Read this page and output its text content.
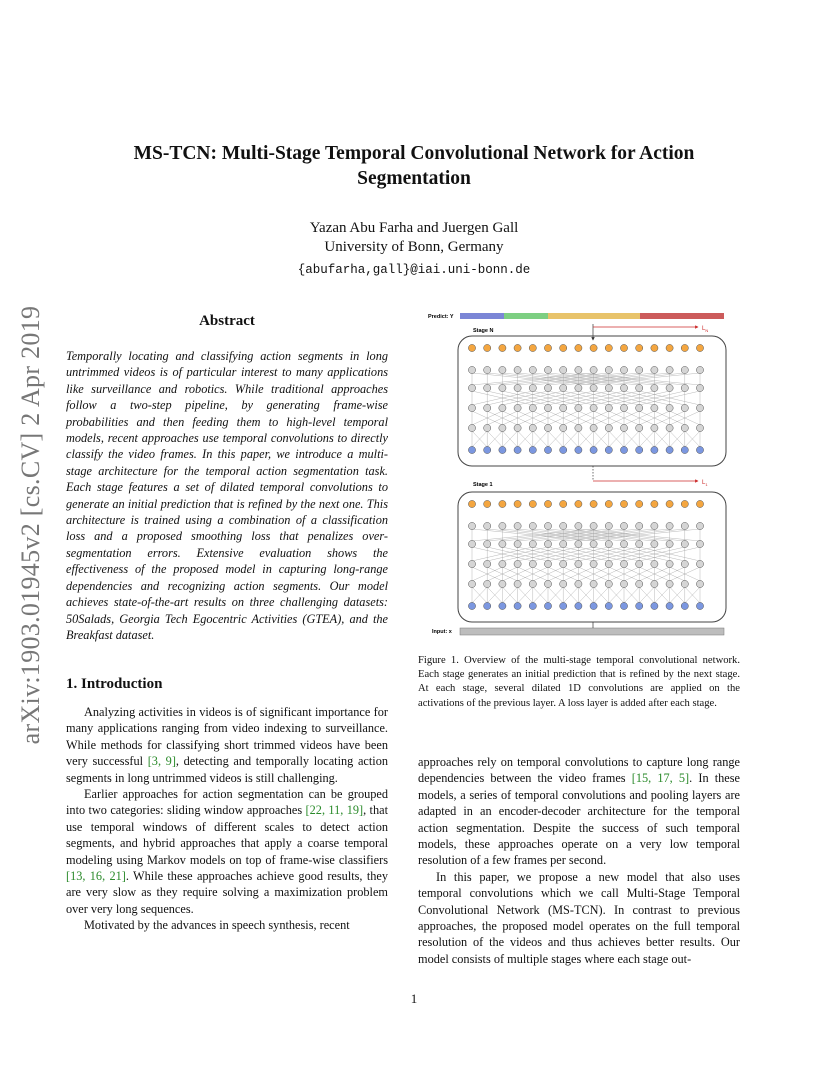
arXiv:1903.01945v2 [cs.CV] 2 Apr 2019
MS-TCN: Multi-Stage Temporal Convolutional Network for Action Segmentation
Yazan Abu Farha and Juergen Gall
University of Bonn, Germany
{abufarha,gall}@iai.uni-bonn.de
Abstract
Temporally locating and classifying action segments in long untrimmed videos is of particular interest to many applications like surveillance and robotics. While traditional approaches follow a two-step pipeline, by generating frame-wise probabilities and then feeding them to high-level temporal models, recent approaches use temporal convolutions to directly classify the video frames. In this paper, we introduce a multi-stage architecture for the temporal action segmentation task. Each stage features a set of dilated temporal convolutions to generate an initial prediction that is refined by the next one. This architecture is trained using a combination of a classification loss and a proposed smoothing loss that penalizes over-segmentation errors. Extensive evaluation shows the effectiveness of the proposed model in capturing long-range dependencies and recognizing action segments. Our model achieves state-of-the-art results on three challenging datasets: 50Salads, Georgia Tech Egocentric Activities (GTEA), and the Breakfast dataset.
1. Introduction

Analyzing activities in videos is of significant importance for many applications ranging from video indexing to surveillance. While methods for classifying short trimmed videos have been very successful [3, 9], detecting and temporally locating action segments in long untrimmed videos is still challenging.

Earlier approaches for action segmentation can be grouped into two categories: sliding window approaches [22, 11, 19], that use temporal windows of different scales to detect action segments, and hybrid approaches that apply a coarse temporal modeling using Markov models on top of frame-wise classifiers [13, 16, 21]. While these approaches achieve good results, they are very slow as they require solving a maximization problem over very long sequences.

Motivated by the advances in speech synthesis, recent

Predict: Y
Stage N	$L_N$
Stage 1	$L_1$
Input: x
Figure 1. Overview of the multi-stage temporal convolutional network. Each stage generates an initial prediction that is refined by the next stage. At each stage, several dilated 1D convolutions are applied on the activations of the previous layer. A loss layer is added after each stage.

approaches rely on temporal convolutions to capture long range dependencies between the video frames [15, 17, 5]. In these models, a series of temporal convolutions and pooling layers are adapted in an encoder-decoder architecture for the temporal action segmentation. Despite the success of such temporal models, these approaches operate on a very low temporal resolution of a few frames per second.

In this paper, we propose a new model that also uses temporal convolutions which we call Multi-Stage Temporal Convolutional Network (MS-TCN). In contrast to previous approaches, the proposed model operates on the full temporal resolution of the videos and thus achieves better results. Our model consists of multiple stages where each stage out-

1
